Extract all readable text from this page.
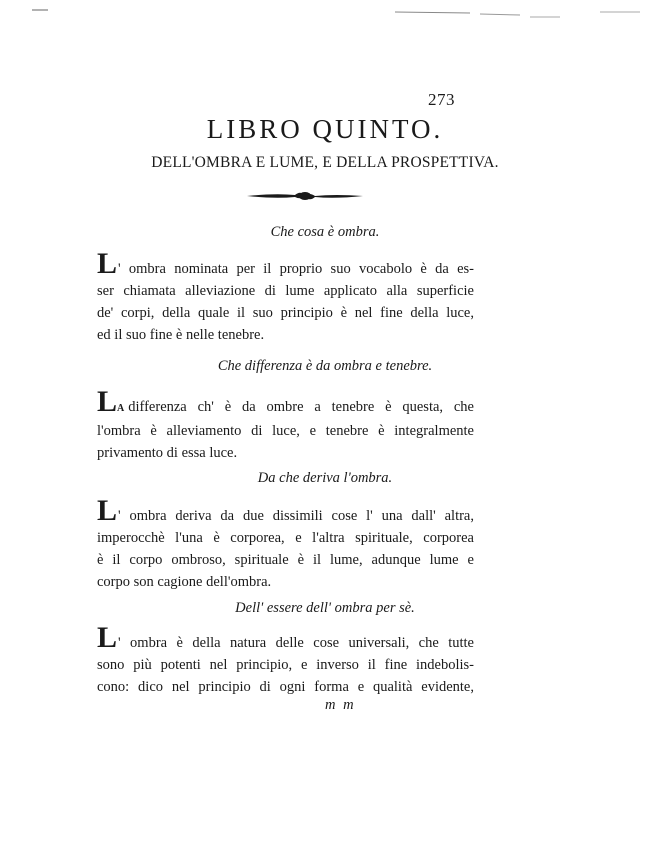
273
LIBRO QUINTO.
DELL'OMBRA E LUME, E DELLA PROSPETTIVA.
Che cosa è ombra.
L' ombra nominata per il proprio suo vocabolo è da es-
ser chiamata alleviazione di lume applicato alla superficie
de' corpi, della quale il suo principio è nel fine della luce,
ed il suo fine è nelle tenebre.
Che differenza è da ombra e tenebre.
LA differenza ch' è da ombre a tenebre è questa, che
l'ombra è alleviamento di luce, e tenebre è integralmente
privamento di essa luce.
Da che deriva l'ombra.
L' ombra deriva da due dissimili cose l' una dall' altra,
imperocchè l'una è corporea, e l'altra spirituale, corporea
è il corpo ombroso, spirituale è il lume, adunque lume e
corpo son cagione dell'ombra.
Dell' essere dell' ombra per sè.
L' ombra è della natura delle cose universali, che tutte
sono più potenti nel principio, e inverso il fine indebolis-
cono: dico nel principio di ogni forma e qualità evidente,
m m
